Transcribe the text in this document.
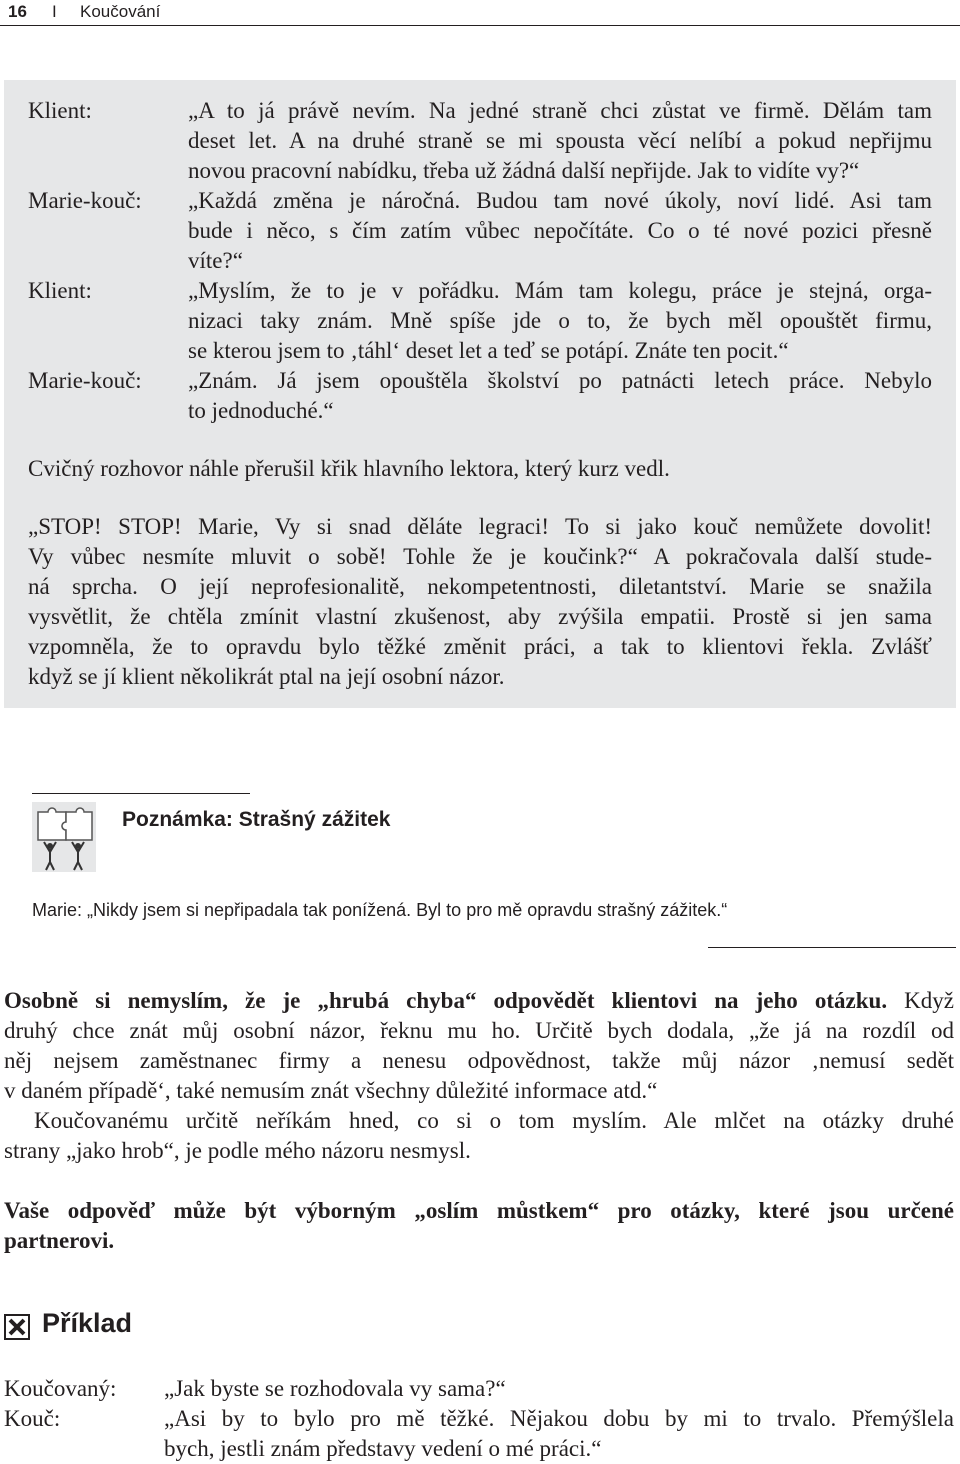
16 I Koučování
Klient:	„A to já právě nevím. Na jedné straně chci zůstat ve firmě. Dělám tam
deset let. A na druhé straně se mi spousta věcí nelíbí a pokud nepřijmu
novou pracovní nabídku, třeba už žádná další nepřijde. Jak to vidíte vy?“
Marie-kouč: „Každá změna je náročná. Budou tam nové úkoly, noví lidé. Asi tam
bude i něco, s čím zatím vůbec nepočítáte. Co o té nové pozici přesně
víte?“
Klient:	„Myslím, že to je v pořádku. Mám tam kolegu, práce je stejná, orga-
nizaci taky znám. Mně spíše jde o to, že bych měl opouštět firmu,
se kterou jsem to ‚táhl‘ deset let a teď se potápí. Znáte ten pocit.“
Marie-kouč: „Znám. Já jsem opouštěla školství po patnácti letech práce. Nebylo
to jednoduché.“
Cvičný rozhovor náhle přerušil křik hlavního lektora, který kurz vedl.
„STOP! STOP! Marie, Vy si snad děláte legraci! To si jako kouč nemůžete dovolit!
Vy vůbec nesmíte mluvit o sobě! Tohle že je koučink?“ A pokračovala další stude-
ná sprcha. O její neprofesionalitě, nekompetentnosti, diletantství. Marie se snažila
vysvětlit, že chtěla zmínit vlastní zkušenost, aby zvýšila empatii. Prostě si jen sama
vzpomněla, že to opravdu bylo těžké změnit práci, a tak to klientovi řekla. Zvlášť
když se jí klient několikrát ptal na její osobní názor.
Poznámka: Strašný zážitek
Marie: „Nikdy jsem si nepřipadala tak ponížená. Byl to pro mě opravdu strašný zážitek.“
Osobně si nemyslím, že je „hrubá chyba“ odpovědět klientovi na jeho otázku. Když
druhý chce znát můj osobní názor, řeknu mu ho. Určitě bych dodala, „že já na rozdíl od
něj nejsem zaměstnanec firmy a nenesu odpovědnost, takže můj názor ‚nemusí sedět
v daném případě‘, také nemusím znát všechny důležité informace atd.“
Koučovanému určitě neříkám hned, co si o tom myslím. Ale mlčet na otázky druhé
strany „jako hrob“, je podle mého názoru nesmysl.
Vaše odpověď může být výborným „oslím můstkem“ pro otázky, které jsou určené
partnerovi.
Příklad
Koučovaný: „Jak byste se rozhodovala vy sama?“
Kouč:	„Asi by to bylo pro mě těžké. Nějakou dobu by mi to trvalo. Přemýšlela
bych, jestli znám představy vedení o mé práci.“
